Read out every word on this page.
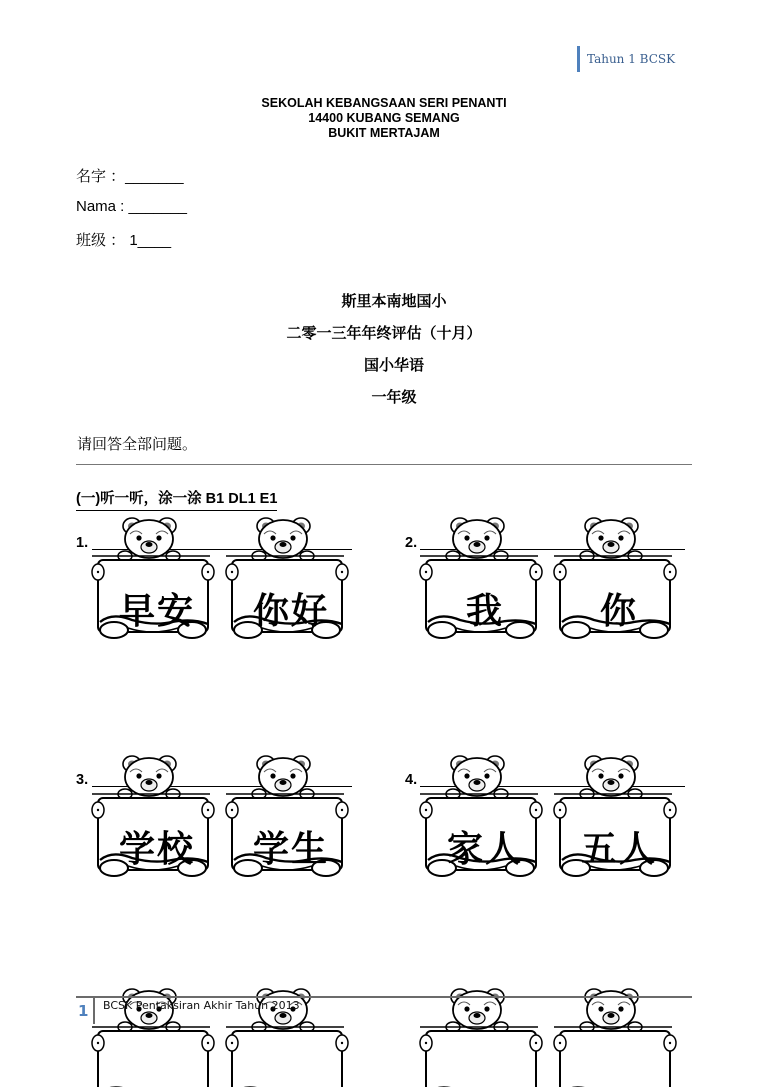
Tahun 1 BCSK
SEKOLAH KEBANGSAAN SERI PENANTI
14400 KUBANG SEMANG
BUKIT MERTAJAM
名字 ：_______
Nama : _______
班级 ： 1____
斯里本南地国小
二零一三年年终评估（十月）
国小华语
一年级
请回答全部问题。
(一)听一听，涂一涂 B1 DL1 E1
1.
早安	你好
2.
我	你
3.
学校	学生
4.
家人	五人
1 BCSK Pentaksiran Akhir Tahun 2013
